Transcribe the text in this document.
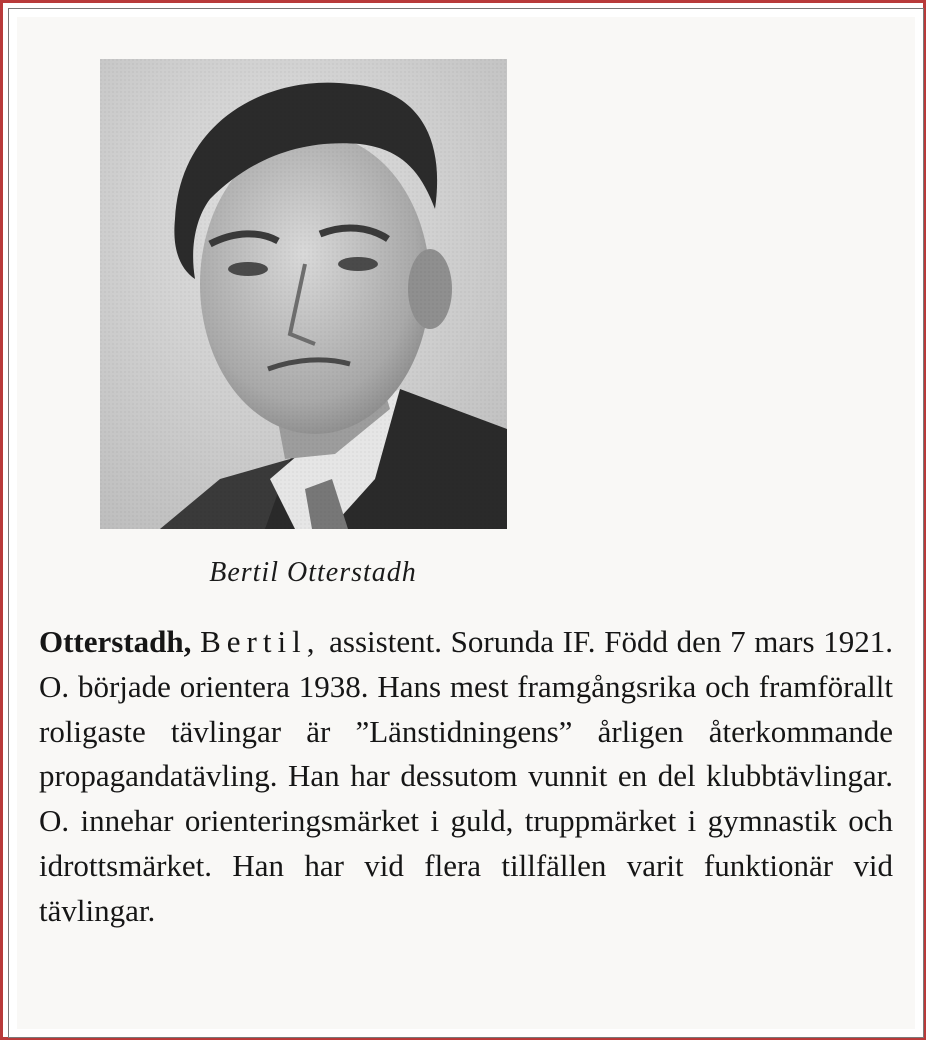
Bertil Otterstadh

Otterstadh, Bertil, assistent. Sorunda IF. Född den 7 mars 1921. O. började orientera 1938. Hans mest framgångsrika och framförallt roligaste tävlingar är ”Länstidningens” årligen återkommande propagandatävling. Han har dessutom vunnit en del klubbtävlingar. O. innehar orienteringsmärket i guld, truppmärket i gymnastik och idrottsmärket. Han har vid flera tillfällen varit funktionär vid tävlingar.
